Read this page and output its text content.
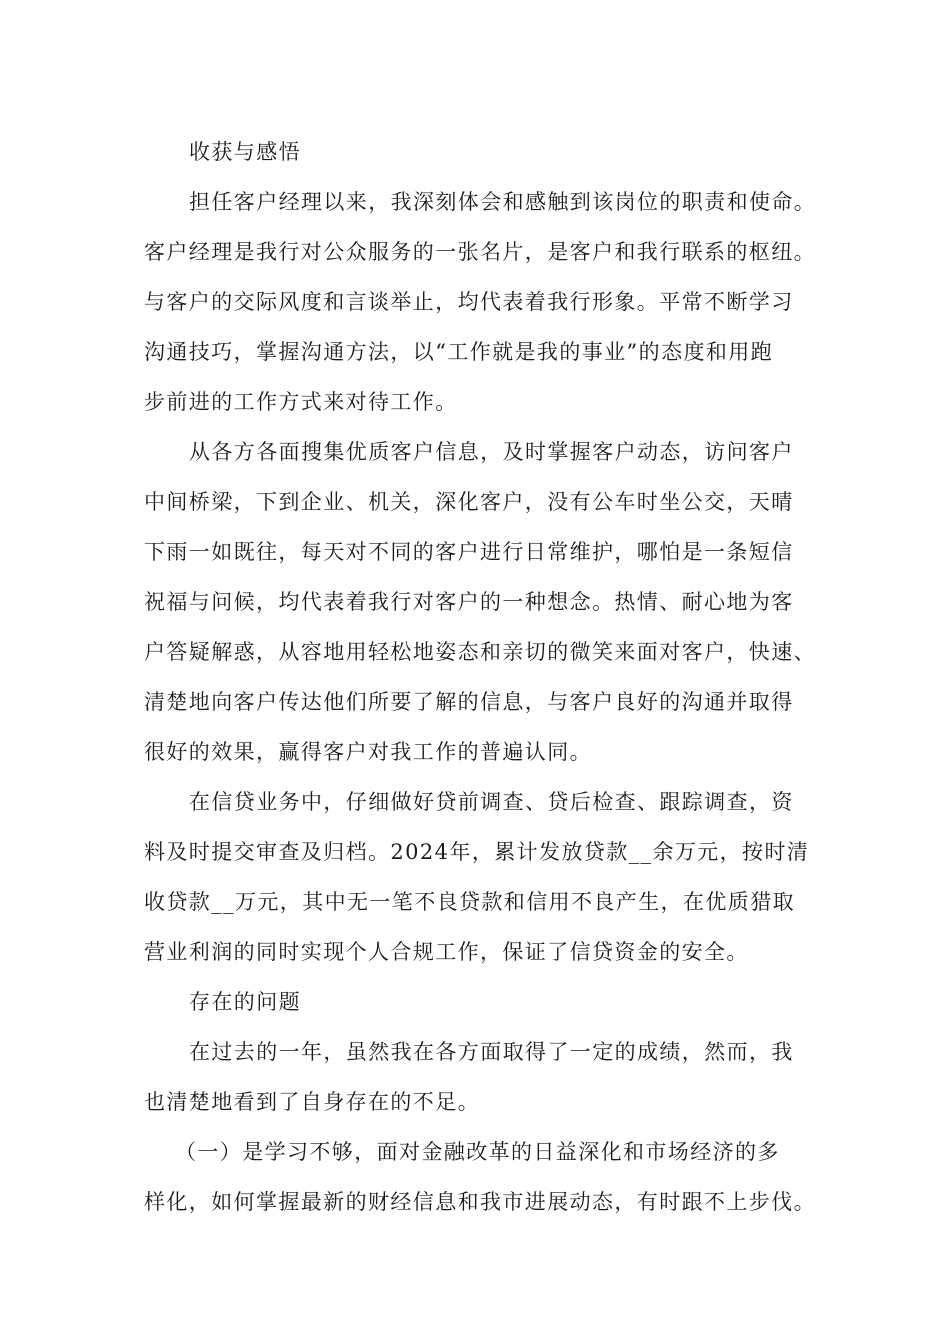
收获与感悟
担任客户经理以来，我深刻体会和感触到该岗位的职责和使命。
客户经理是我行对公众服务的一张名片，是客户和我行联系的枢纽。
与客户的交际风度和言谈举止，均代表着我行形象。平常不断学习
沟通技巧，掌握沟通方法，以“工作就是我的事业”的态度和用跑
步前进的工作方式来对待工作。
从各方各面搜集优质客户信息，及时掌握客户动态，访问客户
中间桥梁，下到企业、机关，深化客户，没有公车时坐公交，天晴
下雨一如既往，每天对不同的客户进行日常维护，哪怕是一条短信
祝福与问候，均代表着我行对客户的一种想念。热情、耐心地为客
户答疑解惑，从容地用轻松地姿态和亲切的微笑来面对客户，快速、
清楚地向客户传达他们所要了解的信息，与客户良好的沟通并取得
很好的效果，赢得客户对我工作的普遍认同。
在信贷业务中，仔细做好贷前调查、贷后检查、跟踪调查，资
料及时提交审查及归档。2024年，累计发放贷款__余万元，按时清
收贷款__万元，其中无一笔不良贷款和信用不良产生，在优质猎取
营业利润的同时实现个人合规工作，保证了信贷资金的安全。
存在的问题
在过去的一年，虽然我在各方面取得了一定的成绩，然而，我
也清楚地看到了自身存在的不足。
（一）是学习不够，面对金融改革的日益深化和市场经济的多
样化，如何掌握最新的财经信息和我市进展动态，有时跟不上步伐。
